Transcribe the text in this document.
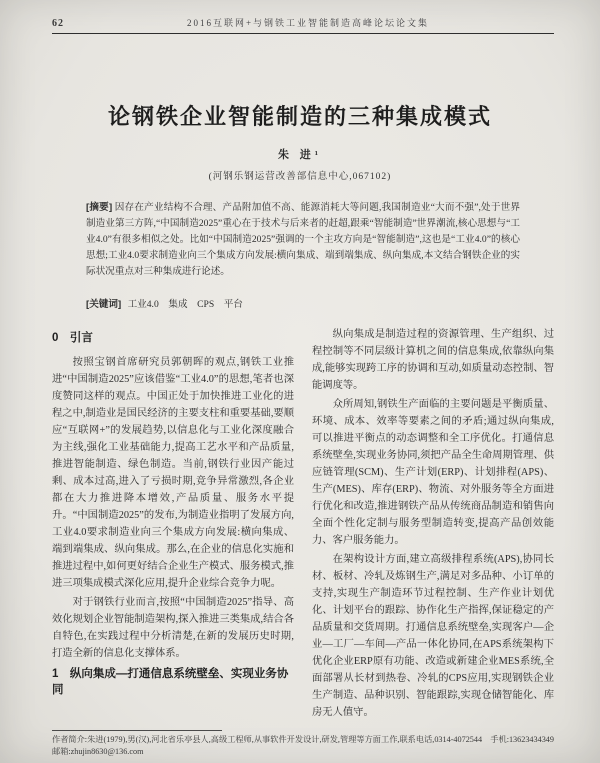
62	2016互联网+与钢铁工业智能制造高峰论坛论文集
论钢铁企业智能制造的三种集成模式
朱 进¹
(河钢乐钢运营改善部信息中心,067102)
[摘要] 因存在产业结构不合理、产品附加值不高、能源消耗大等问题,我国制造业“大而不强”,处于世界制造业第三方阵,“中国制造2025”重心在于技术与后来者的赶超,跟乘“智能制造”世界潮流,核心思想与“工业4.0”有很多相似之处。比如“中国制造2025”强调的一个主攻方向是“智能制造”,这也是“工业4.0”的核心思想;工业4.0要求制造业向三个集成方向发展:横向集成、端到端集成、纵向集成,本文结合钢铁企业的实际状况重点对三种集成进行论述。
[关键词] 工业4.0　集成　CPS　平台
0　引言

按照宝钢首席研究员郭朝晖的观点,钢铁工业推进“中国制造2025”应该借鉴“工业4.0”的思想,笔者也深度赞同这样的观点。中国正处于加快推进工业化的进程之中,制造业是国民经济的主要支柱和重要基础,要顺应“互联网+”的发展趋势,以信息化与工业化深度融合为主线,强化工业基础能力,提高工艺水平和产品质量,推进智能制造、绿色制造。当前,钢铁行业因产能过剩、成本过高,进入了亏损时期,竞争异常激烈,各企业都在大力推进降本增效,产品质量、服务水平提升。“中国制造2025”的发布,为制造业指明了发展方向,工业4.0要求制造业向三个集成方向发展:横向集成、端到端集成、纵向集成。那么,在企业的信息化实施和推进过程中,如何更好结合企业生产模式、服务模式,推进三项集成模式深化应用,提升企业综合竞争力呢。

对于钢铁行业而言,按照“中国制造2025”指导、高效化规划企业智能制造架构,探入推进三类集成,结合各自特色,在实践过程中分析清楚,在新的发展历史时期,打造全新的信息化支撑体系。

1　纵向集成—打通信息系统壁垒、实现业务协同

纵向集成是制造过程的资源管理、生产组织、过程控制等不同层级计算机之间的信息集成,依靠纵向集成,能够实现跨工序的协调和互动,如质量动态控制、智能调度等。

众所周知,钢铁生产面临的主要问题是平衡质量、环境、成本、效率等要素之间的矛盾;通过纵向集成,可以推进平衡点的动态调整和全工序优化。打通信息系统壁垒,实现业务协同,须把产品全生命周期管理、供应链管理(SCM)、生产计划(ERP)、计划排程(APS)、生产(MES)、库存(ERP)、物流、对外服务等全方面进行优化和改造,推进钢铁产品从传统商品制造和销售向全面个性化定制与服务型制造转变,提高产品创效能力、客户服务能力。

在架构设计方面,建立高级排程系统(APS),协同长材、板材、冷轧及炼钢生产,满足对多品种、小订单的支持,实现生产制造环节过程控制、生产作业计划优化、计划平台的跟踪、协作化生产指挥,保证稳定的产品质量和交货周期。打通信息系统壁垒,实现客户—企业—工厂—车间—产品一体化协同,在APS系统架构下优化企业ERP原有功能、改造或新建企业MES系统,全面部署从长材到热卷、冷轧的CPS应用,实现钢铁企业生产制造、品种识别、智能跟踪,实现仓储智能化、库房无人值守。

作者简介:朱进(1979),男(汉),河北省乐亭县人,高级工程师,从事软件开发设计,研发,管理等方面工作,联系电话,0314-4072544　手机:13623434349　邮箱:zhujin8630@136.com
